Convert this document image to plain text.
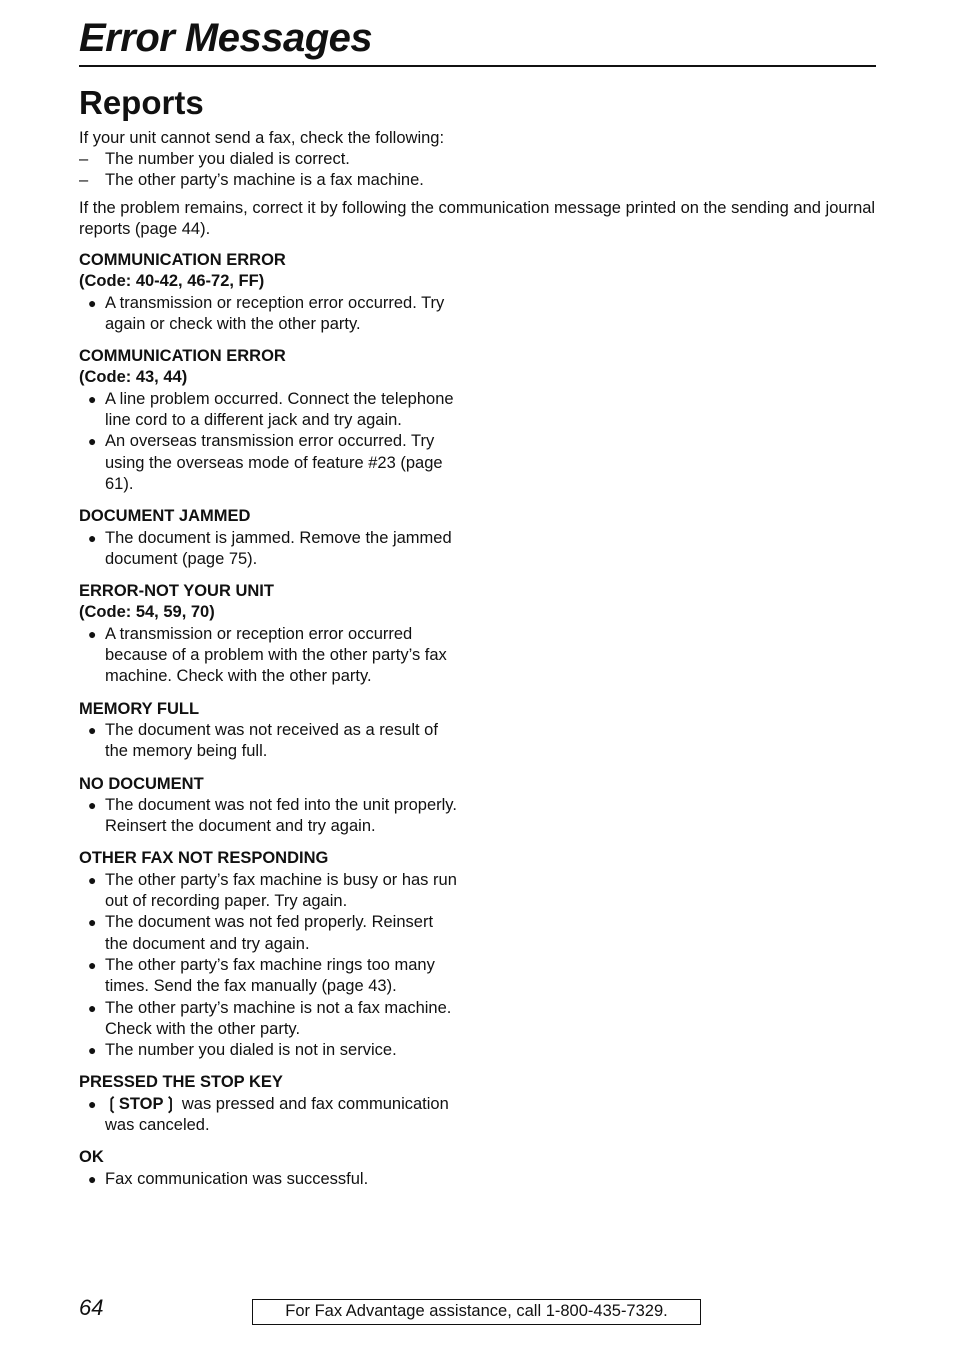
Error Messages
Reports

If your unit cannot send a fax, check the following:

– The number you dialed is correct.

– The other party’s machine is a fax machine.

If the problem remains, correct it by following the communication message printed on the sending and journal reports (page 44).

COMMUNICATION ERROR

(Code: 40-42, 46-72, FF)

● A transmission or reception error occurred. Try again or check with the other party.

COMMUNICATION ERROR

(Code: 43, 44)

● A line problem occurred. Connect the telephone line cord to a different jack and try again.

● An overseas transmission error occurred. Try using the overseas mode of feature #23 (page 61).

DOCUMENT JAMMED

● The document is jammed. Remove the jammed document (page 75).

ERROR-NOT YOUR UNIT

(Code: 54, 59, 70)

● A transmission or reception error occurred because of a problem with the other party’s fax machine. Check with the other party.

MEMORY FULL

● The document was not received as a result of the memory being full.

NO DOCUMENT

● The document was not fed into the unit properly. Reinsert the document and try again.

OTHER FAX NOT RESPONDING

● The other party’s fax machine is busy or has run out of recording paper. Try again.

● The document was not fed properly. Reinsert the document and try again.

● The other party’s fax machine rings too many times. Send the fax manually (page 43).

● The other party’s machine is not a fax machine. Check with the other party.

● The number you dialed is not in service.

PRESSED THE STOP KEY

● ❲STOP❳ was pressed and fax communication was canceled.

OK

● Fax communication was successful.

64	For Fax Advantage assistance, call 1-800-435-7329.
